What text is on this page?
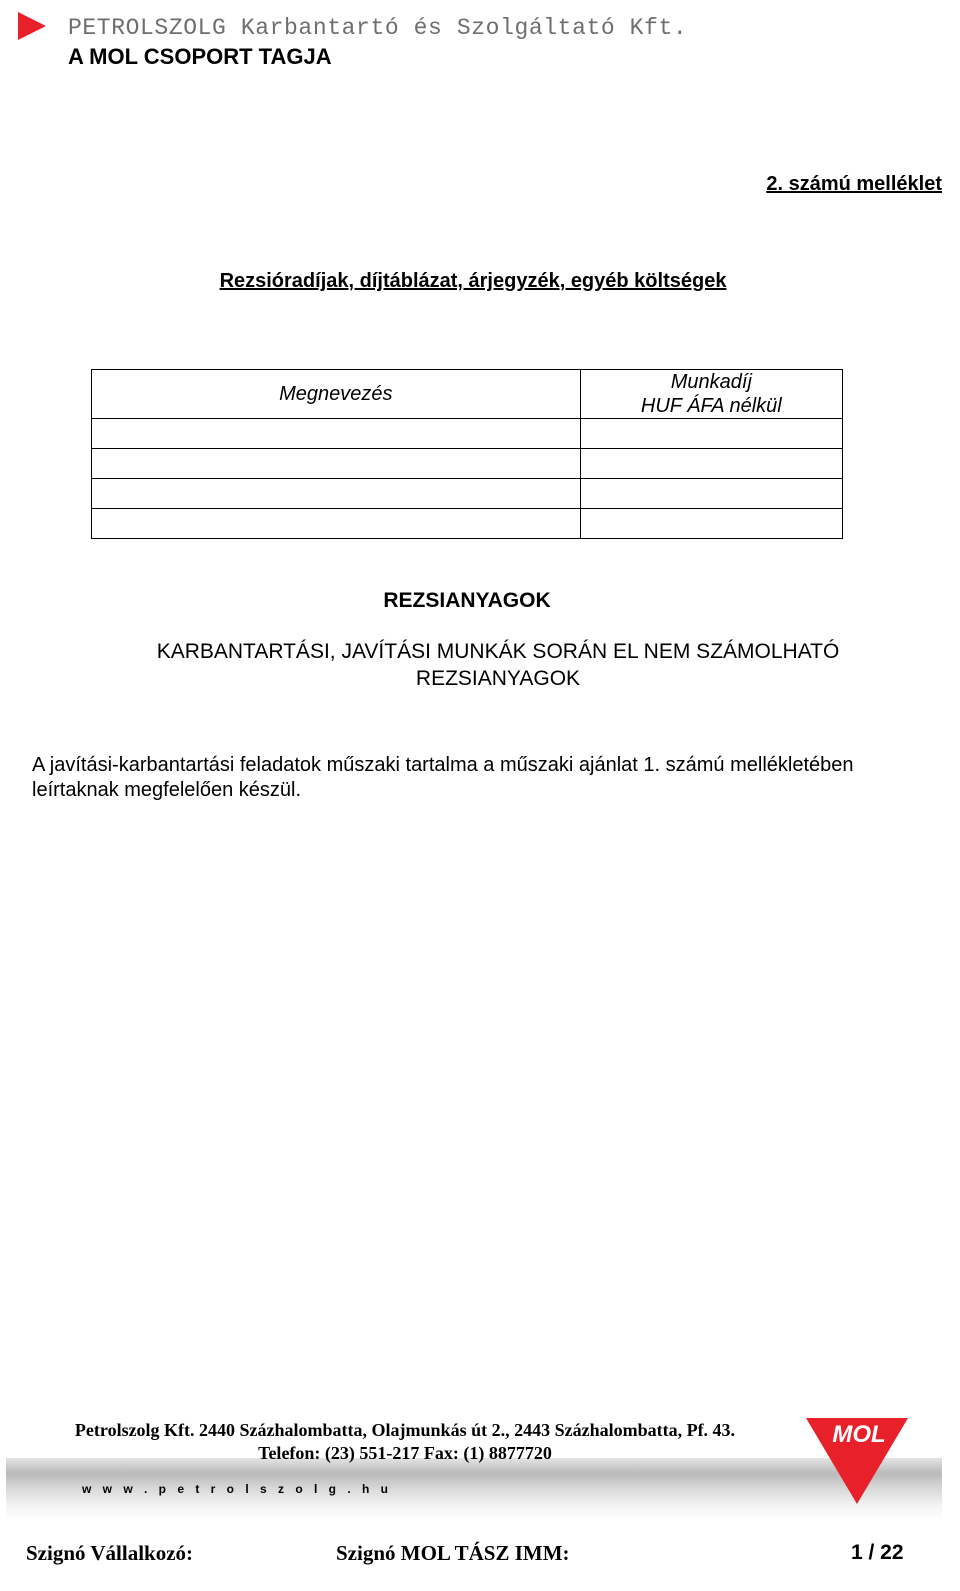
PETROLSZOLG Karbantartó és Szolgáltató Kft.
A MOL CSOPORT TAGJA
2. számú melléklet
Rezsióradíjak, díjtáblázat, árjegyzék, egyéb költségek
Megnevezés	Munkadíj
HUF ÁFA nélkül

REZSIANYAGOK
KARBANTARTÁSI, JAVÍTÁSI MUNKÁK SORÁN EL NEM SZÁMOLHATÓ
REZSIANYAGOK
A javítási-karbantartási feladatok műszaki tartalma a műszaki ajánlat 1. számú mellékletében
leírtaknak megfelelően készül.
Petrolszolg Kft. 2440 Százhalombatta, Olajmunkás út 2., 2443 Százhalombatta, Pf. 43.
Telefon: (23) 551-217 Fax: (1) 8877720
w w w . p e t r o l s z o l g . h u
MOL
Szignó Vállalkozó:	Szignó MOL TÁSZ IMM:	1 / 22
